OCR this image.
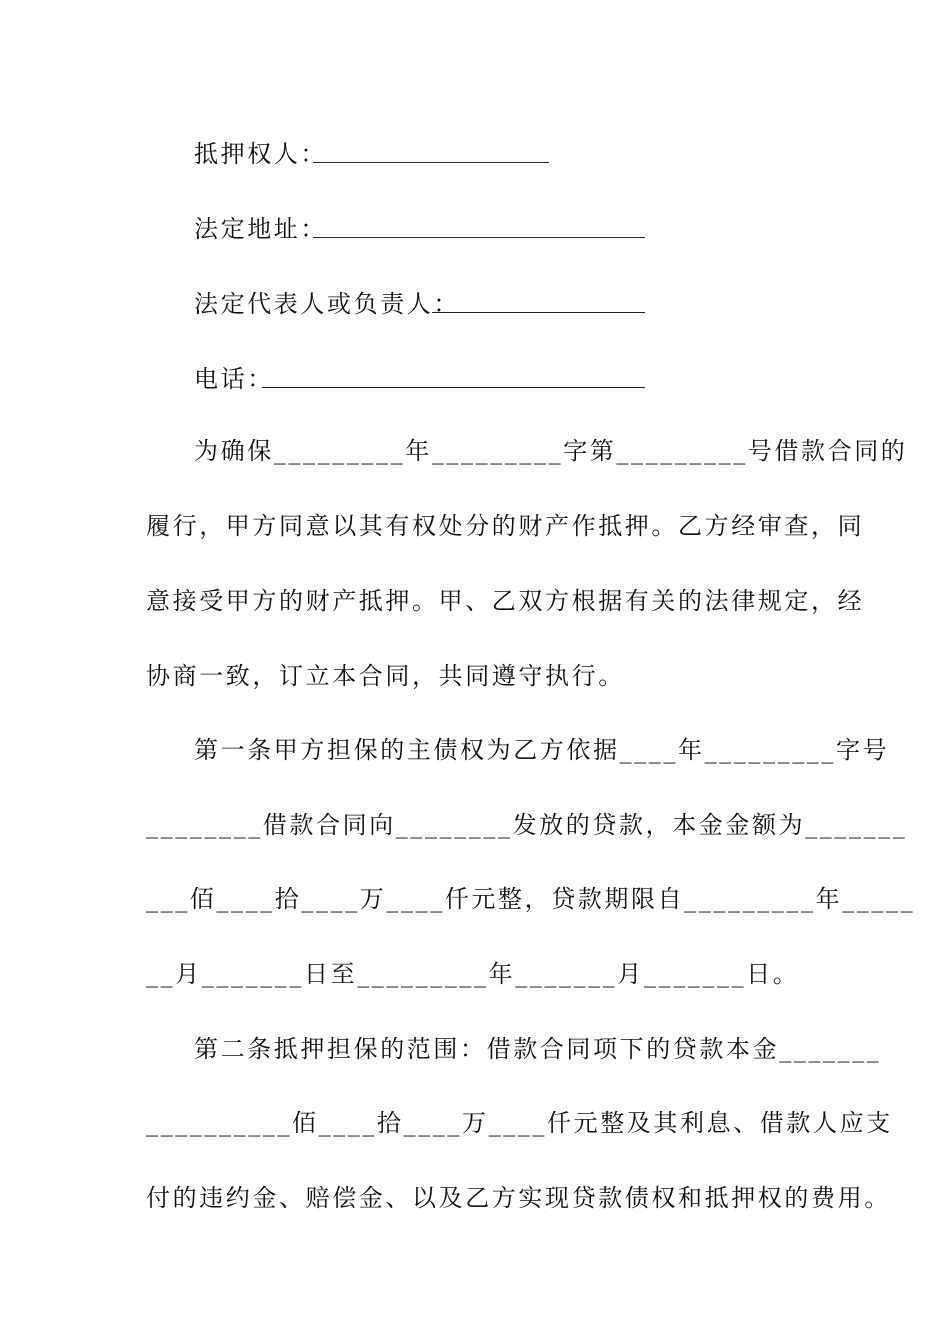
抵押权人：
法定地址：
法定代表人或负责人：
电话：
为确保_________年_________字第_________号借款合同的
履行，甲方同意以其有权处分的财产作抵押。乙方经审查，同
意接受甲方的财产抵押。甲、乙双方根据有关的法律规定，经
协商一致，订立本合同，共同遵守执行。
第一条甲方担保的主债权为乙方依据____年_________字号
________借款合同向________发放的贷款，本金金额为_______
___佰____拾____万____仟元整，贷款期限自_________年_____
__月_______日至_________年_______月_______日。
第二条抵押担保的范围：借款合同项下的贷款本金_______
__________佰____拾____万____仟元整及其利息、借款人应支
付的违约金、赔偿金、以及乙方实现贷款债权和抵押权的费用。
